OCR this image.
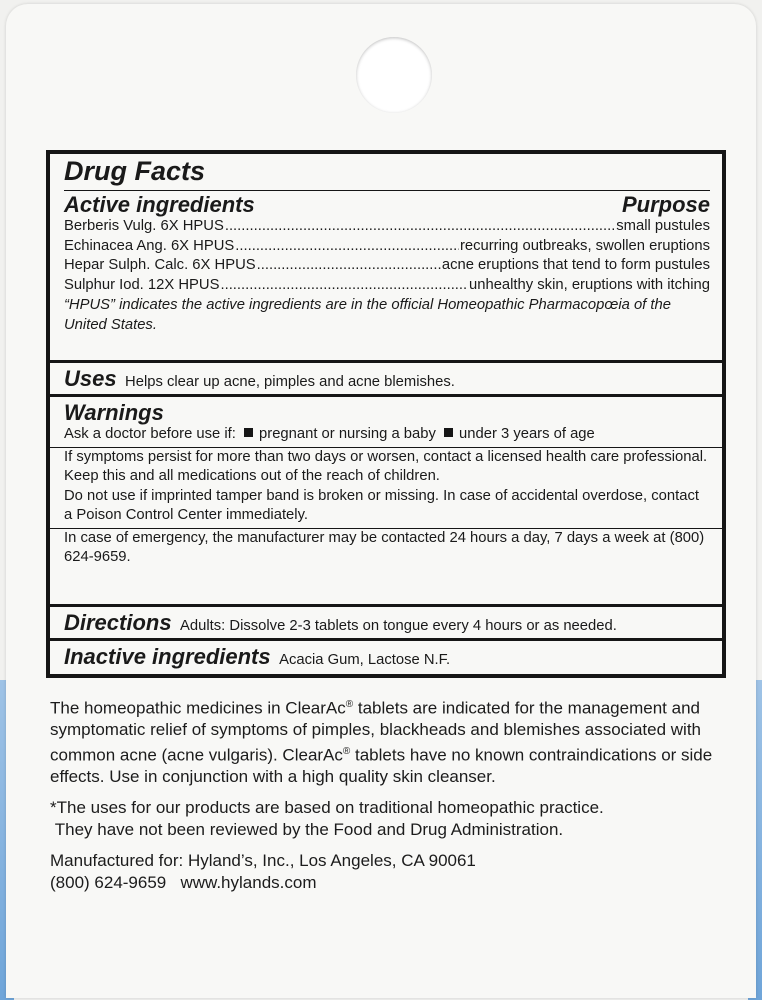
Drug Facts
Active ingredients	Purpose
Berberis Vulg. 6X HPUS .....	small pustules
Echinacea Ang. 6X HPUS .....	recurring outbreaks, swollen eruptions
Hepar Sulph. Calc. 6X HPUS .....	acne eruptions that tend to form pustules
Sulphur Iod. 12X HPUS .....	unhealthy skin, eruptions with itching
“HPUS” indicates the active ingredients are in the official Homeopathic Pharmacopœia of the United States.
Uses Helps clear up acne, pimples and acne blemishes.
Warnings
Ask a doctor before use if: pregnant or nursing a baby under 3 years of age
If symptoms persist for more than two days or worsen, contact a licensed health care professional.
Keep this and all medications out of the reach of children.
Do not use if imprinted tamper band is broken or missing. In case of accidental overdose, contact a Poison Control Center immediately.
In case of emergency, the manufacturer may be contacted 24 hours a day, 7 days a week at (800) 624-9659.
Directions Adults: Dissolve 2-3 tablets on tongue every 4 hours or as needed.
Inactive ingredients Acacia Gum, Lactose N.F.

The homeopathic medicines in ClearAc® tablets are indicated for the management and symptomatic relief of symptoms of pimples, blackheads and blemishes associated with common acne (acne vulgaris). ClearAc® tablets have no known contraindications or side effects. Use in conjunction with a high quality skin cleanser.

*The uses for our products are based on traditional homeopathic practice.
They have not been reviewed by the Food and Drug Administration.

Manufactured for: Hyland’s, Inc., Los Angeles, CA 90061
(800) 624-9659 www.hylands.com
